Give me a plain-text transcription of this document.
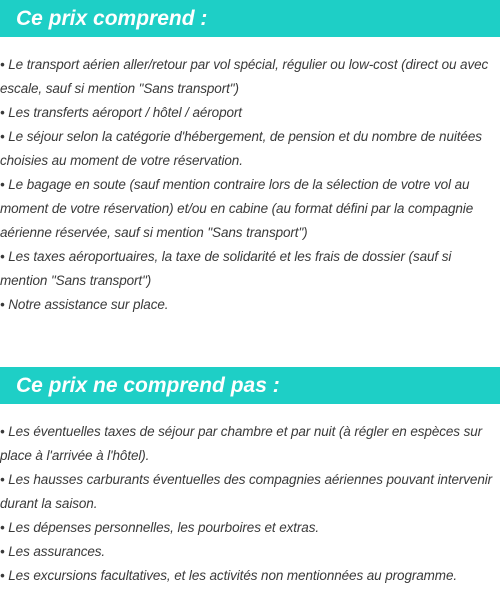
Ce prix comprend :
• Le transport aérien aller/retour par vol spécial, régulier ou low-cost (direct ou avec escale, sauf si mention "Sans transport")
• Les transferts aéroport / hôtel / aéroport
• Le séjour selon la catégorie d'hébergement, de pension et du nombre de nuitées choisies au moment de votre réservation.
• Le bagage en soute (sauf mention contraire lors de la sélection de votre vol au moment de votre réservation) et/ou en cabine (au format défini par la compagnie aérienne réservée, sauf si mention "Sans transport")
• Les taxes aéroportuaires, la taxe de solidarité et les frais de dossier (sauf si mention "Sans transport")
• Notre assistance sur place.
Ce prix ne comprend pas :
• Les éventuelles taxes de séjour par chambre et par nuit (à régler en espèces sur place à l'arrivée à l'hôtel).
• Les hausses carburants éventuelles des compagnies aériennes pouvant intervenir durant la saison.
• Les dépenses personnelles, les pourboires et extras.
• Les assurances.
• Les excursions facultatives, et les activités non mentionnées au programme.
